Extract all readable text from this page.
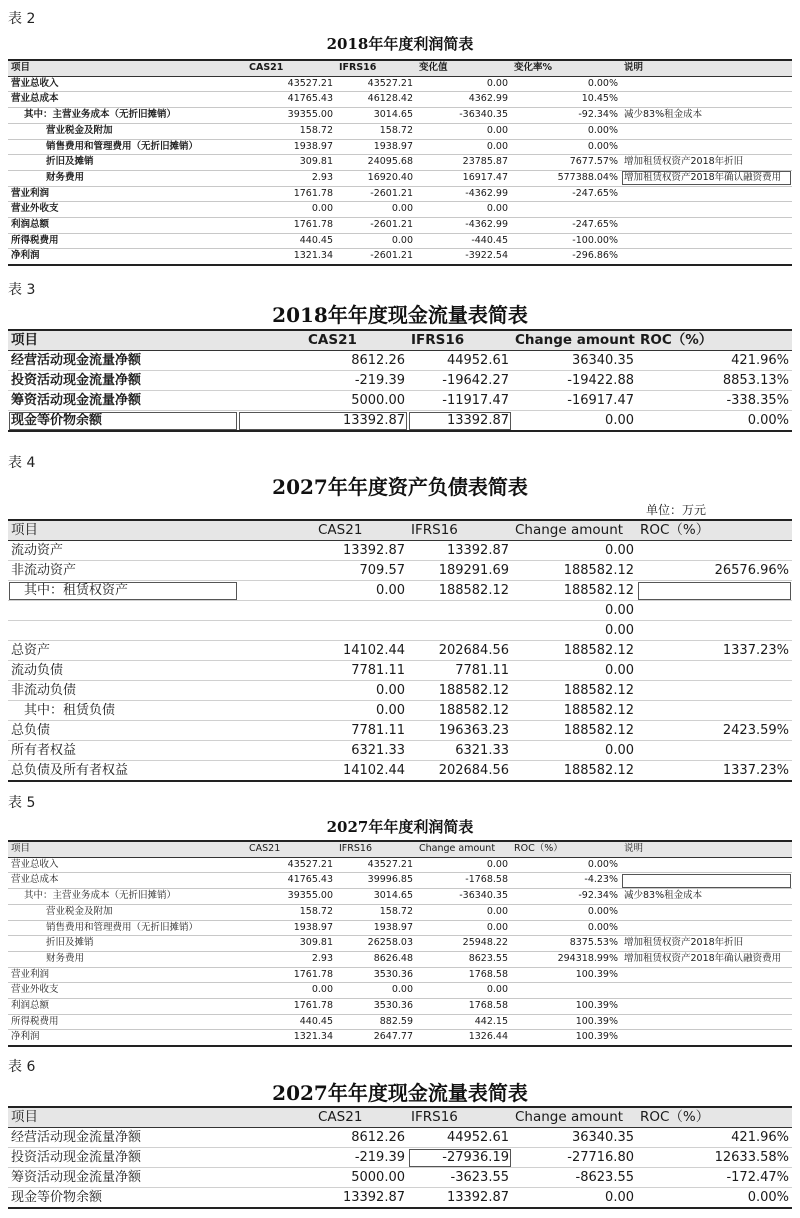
表 2
2018年年度利润简表
项目	CAS21	IFRS16	变化值	变化率%	说明
营业总收入	43527.21	43527.21	0.00	0.00%	
营业总成本	41765.43	46128.42	4362.99	10.45%	
其中：主营业务成本（无折旧摊销）	39355.00	3014.65	-36340.35	-92.34%	减少83%租金成本
营业税金及附加	158.72	158.72	0.00	0.00%	
销售费用和管理费用（无折旧摊销）	1938.97	1938.97	0.00	0.00%	
折旧及摊销	309.81	24095.68	23785.87	7677.57%	增加租赁权资产2018年折旧
财务费用	2.93	16920.40	16917.47	577388.04%	增加租赁权资产2018年确认融资费用
营业利润	1761.78	-2601.21	-4362.99	-247.65%	
营业外收支	0.00	0.00	0.00		
利润总额	1761.78	-2601.21	-4362.99	-247.65%	
所得税费用	440.45	0.00	-440.45	-100.00%	
净利润	1321.34	-2601.21	-3922.54	-296.86%	
表 3
2018年年度现金流量表简表
项目	CAS21	IFRS16	Change amount	ROC（%）
经营活动现金流量净额	8612.26	44952.61	36340.35	421.96%
投资活动现金流量净额	-219.39	-19642.27	-19422.88	8853.13%
筹资活动现金流量净额	5000.00	-11917.47	-16917.47	-338.35%
现金等价物余额	13392.87	13392.87	0.00	0.00%
表 4
2027年年度资产负债表简表
单位：万元
项目	CAS21	IFRS16	Change amount	ROC（%）
流动资产	13392.87	13392.87	0.00	
非流动资产	709.57	189291.69	188582.12	26576.96%
其中：租赁权资产	0.00	188582.12	188582.12	
			0.00	
			0.00	
总资产	14102.44	202684.56	188582.12	1337.23%
流动负债	7781.11	7781.11	0.00	
非流动负债	0.00	188582.12	188582.12	
其中：租赁负债	0.00	188582.12	188582.12	
总负债	7781.11	196363.23	188582.12	2423.59%
所有者权益	6321.33	6321.33	0.00	
总负债及所有者权益	14102.44	202684.56	188582.12	1337.23%
表 5
2027年年度利润简表
项目	CAS21	IFRS16	Change amount	ROC（%）	说明
营业总收入	43527.21	43527.21	0.00	0.00%	
营业总成本	41765.43	39996.85	-1768.58	-4.23%	
其中：主营业务成本（无折旧摊销）	39355.00	3014.65	-36340.35	-92.34%	减少83%租金成本
营业税金及附加	158.72	158.72	0.00	0.00%	
销售费用和管理费用（无折旧摊销）	1938.97	1938.97	0.00	0.00%	
折旧及摊销	309.81	26258.03	25948.22	8375.53%	增加租赁权资产2018年折旧
财务费用	2.93	8626.48	8623.55	294318.99%	增加租赁权资产2018年确认融资费用
营业利润	1761.78	3530.36	1768.58	100.39%	
营业外收支	0.00	0.00	0.00		
利润总额	1761.78	3530.36	1768.58	100.39%	
所得税费用	440.45	882.59	442.15	100.39%	
净利润	1321.34	2647.77	1326.44	100.39%	
表 6
2027年年度现金流量表简表
项目	CAS21	IFRS16	Change amount	ROC（%）
经营活动现金流量净额	8612.26	44952.61	36340.35	421.96%
投资活动现金流量净额	-219.39	-27936.19	-27716.80	12633.58%
筹资活动现金流量净额	5000.00	-3623.55	-8623.55	-172.47%
现金等价物余额	13392.87	13392.87	0.00	0.00%
